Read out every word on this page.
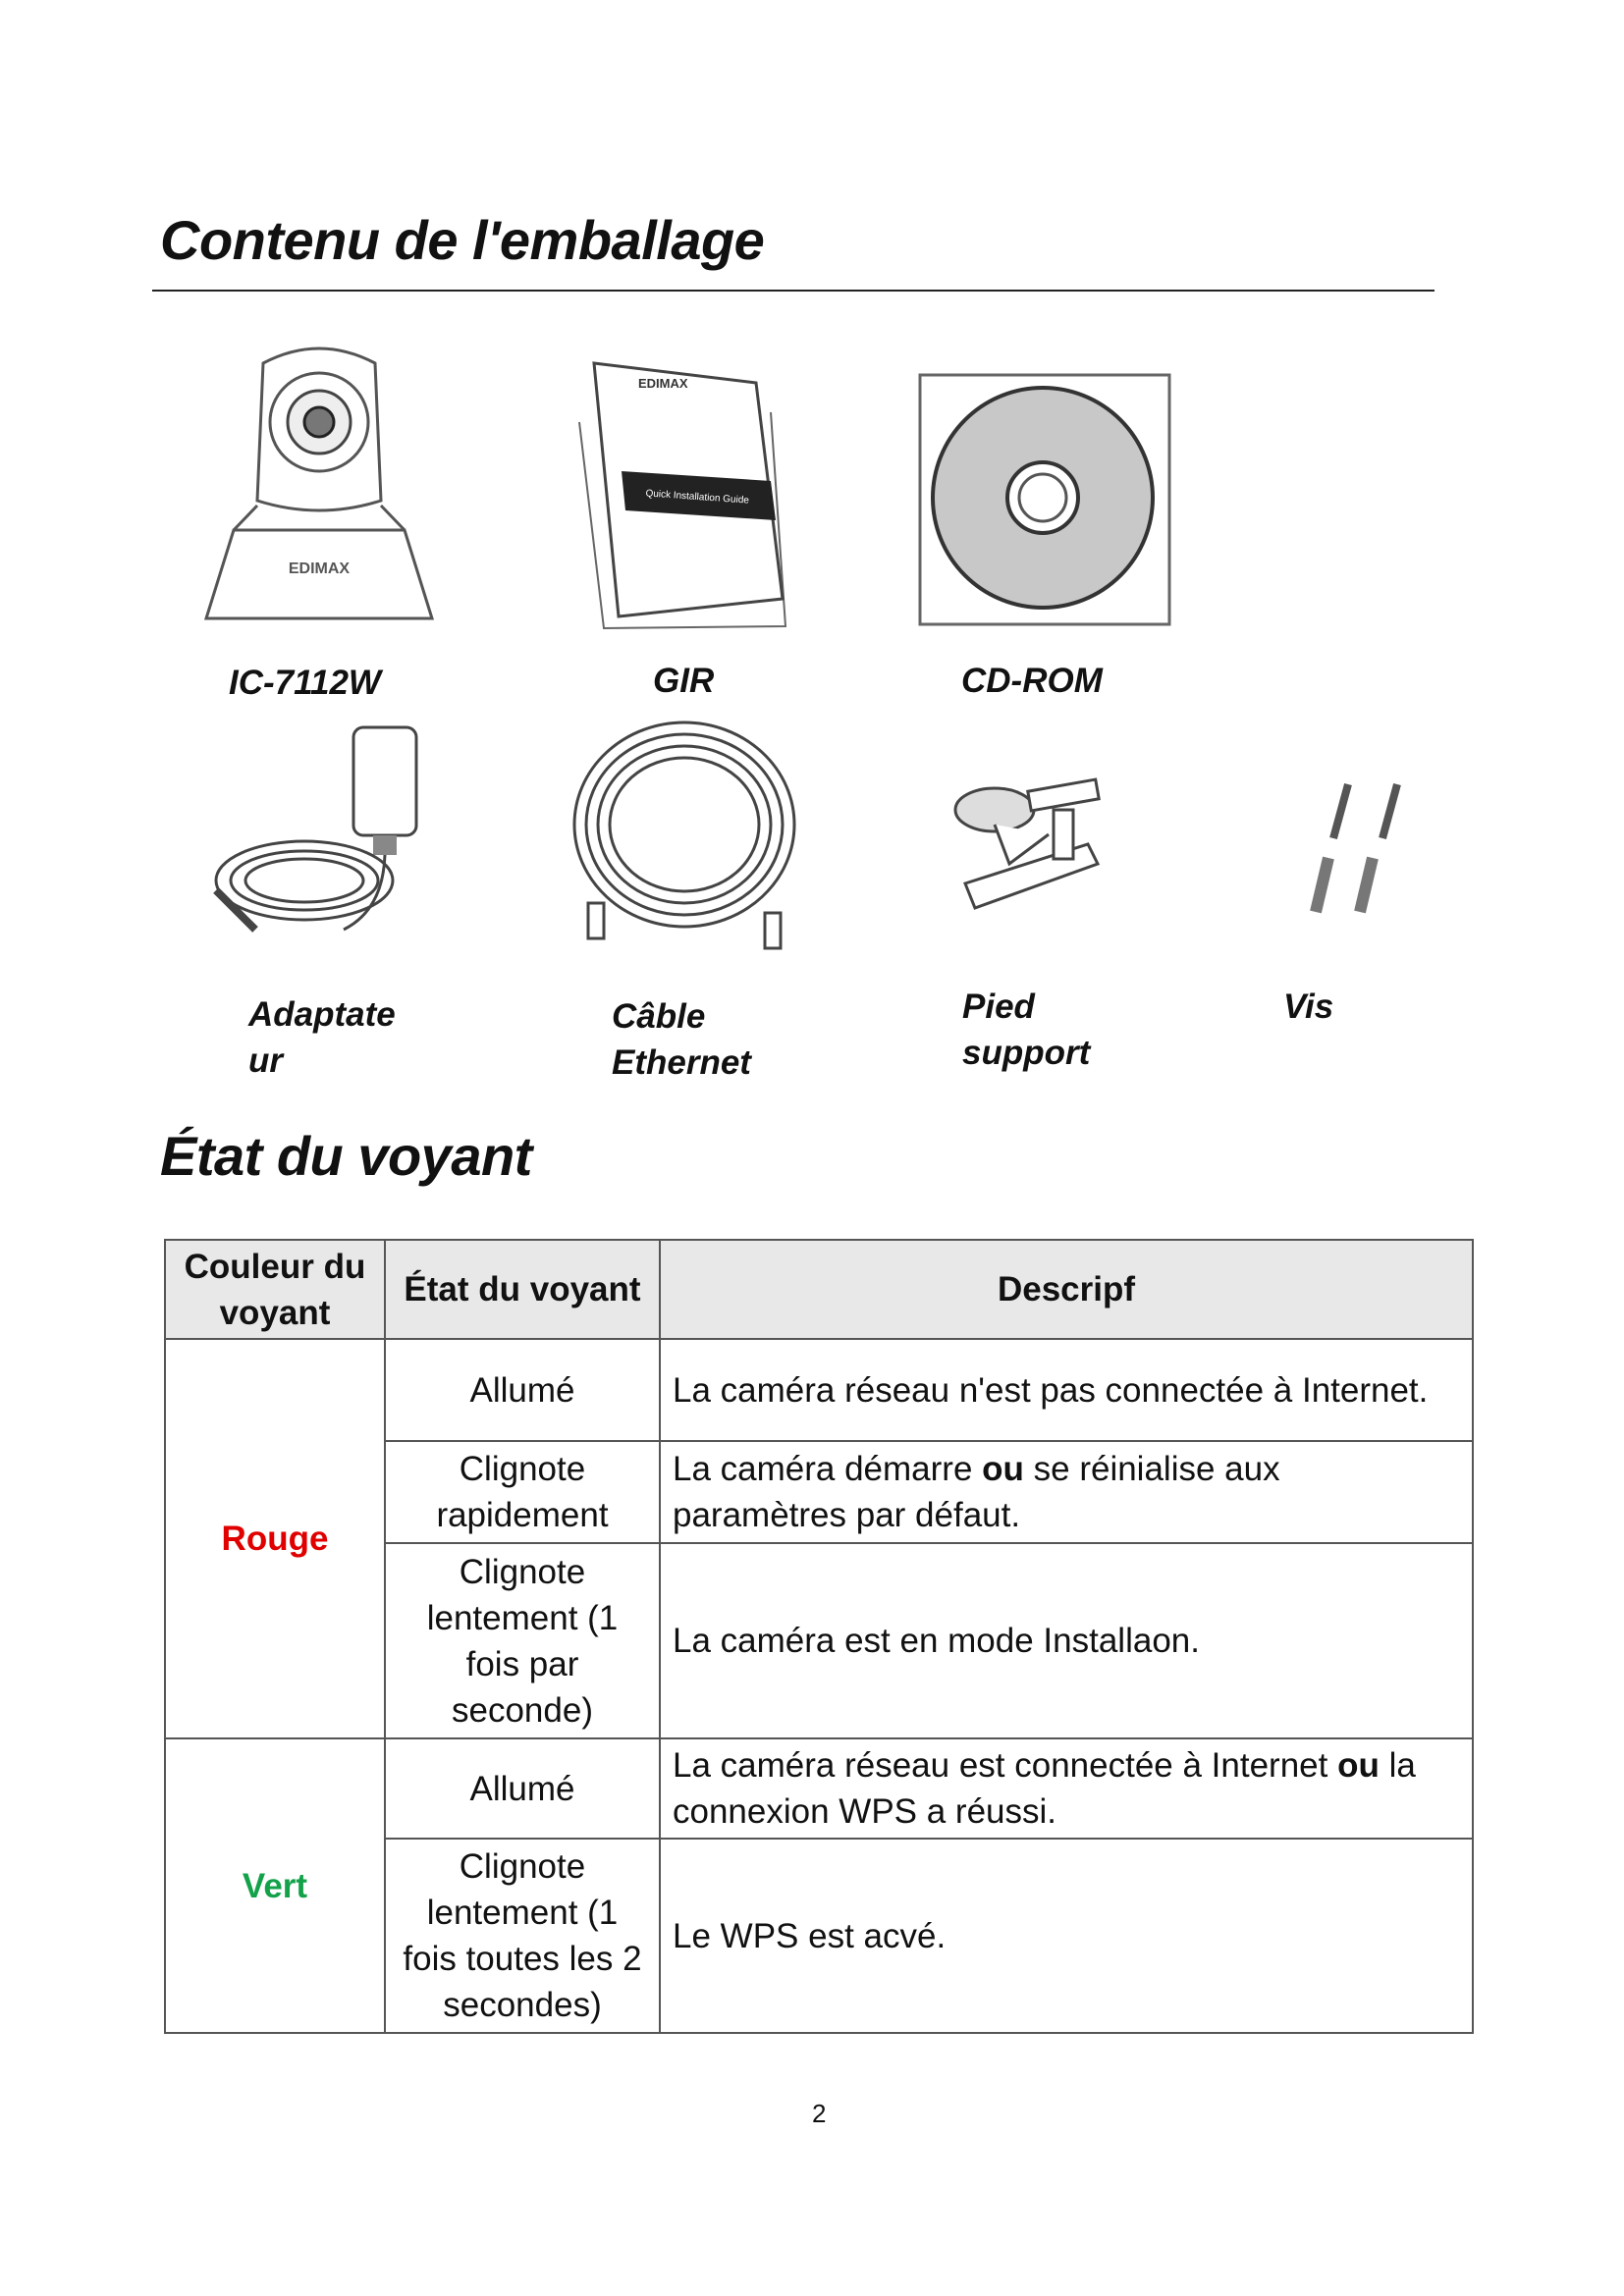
Contenu de l'emballage
EDIMAX
IC-7112W
Quick Installation Guide
EDIMAX
GIR	CD-ROM
Adaptate
ur
Câble
Ethernet
Pied
support
Vis
État du voyant
Couleur du voyant	État du voyant	Descripf
Rouge	Allumé	La caméra réseau n'est pas connectée à Internet.
	Clignote rapidement	La caméra démarre ou se réinialise aux paramètres par défaut.
	Clignote lentement (1 fois par seconde)	La caméra est en mode Installaon.
Vert	Allumé	La caméra réseau est connectée à Internet ou la connexion WPS a réussi.
	Clignote lentement (1 fois toutes les 2 secondes)	Le WPS est acvé.
2
